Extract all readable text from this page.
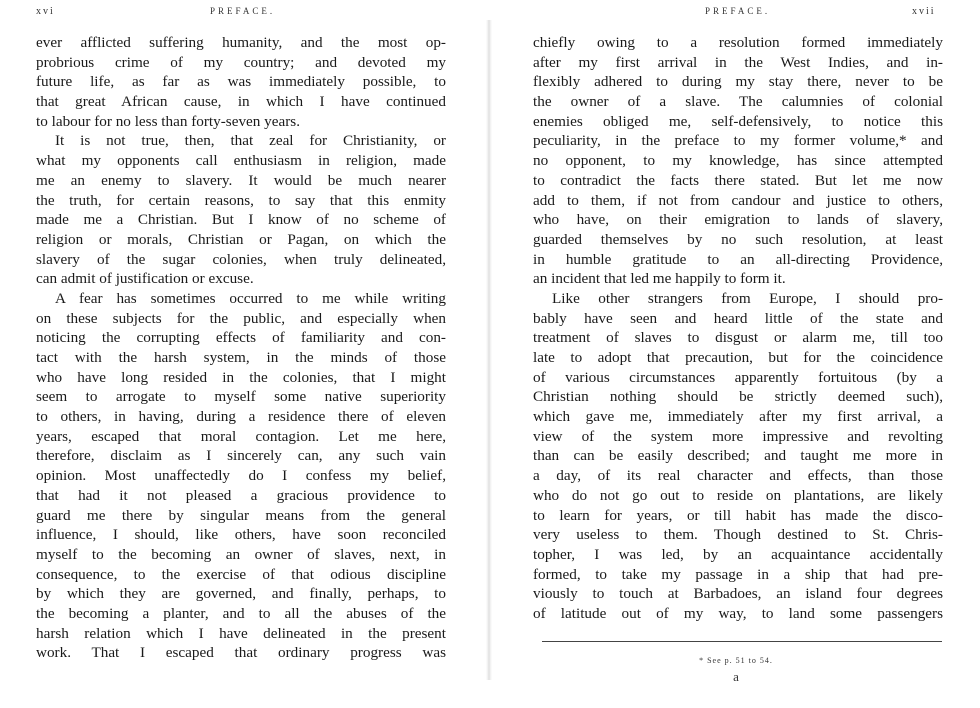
xvi	PREFACE.
ever afflicted suffering humanity, and the most op-
probrious crime of my country; and devoted my
future life, as far as was immediately possible, to
that great African cause, in which I have continued
to labour for no less than forty-seven years.
It is not true, then, that zeal for Christianity, or
what my opponents call enthusiasm in religion, made
me an enemy to slavery. It would be much nearer
the truth, for certain reasons, to say that this enmity
made me a Christian. But I know of no scheme of
religion or morals, Christian or Pagan, on which the
slavery of the sugar colonies, when truly delineated,
can admit of justification or excuse.
A fear has sometimes occurred to me while writing
on these subjects for the public, and especially when
noticing the corrupting effects of familiarity and con-
tact with the harsh system, in the minds of those
who have long resided in the colonies, that I might
seem to arrogate to myself some native superiority
to others, in having, during a residence there of eleven
years, escaped that moral contagion. Let me here,
therefore, disclaim as I sincerely can, any such vain
opinion. Most unaffectedly do I confess my belief,
that had it not pleased a gracious providence to
guard me there by singular means from the general
influence, I should, like others, have soon reconciled
myself to the becoming an owner of slaves, next, in
consequence, to the exercise of that odious discipline
by which they are governed, and finally, perhaps, to
the becoming a planter, and to all the abuses of the
harsh relation which I have delineated in the present
work. That I escaped that ordinary progress was
PREFACE.	xvii
chiefly owing to a resolution formed immediately
after my first arrival in the West Indies, and in-
flexibly adhered to during my stay there, never to be
the owner of a slave. The calumnies of colonial
enemies obliged me, self-defensively, to notice this
peculiarity, in the preface to my former volume,* and
no opponent, to my knowledge, has since attempted
to contradict the facts there stated. But let me now
add to them, if not from candour and justice to others,
who have, on their emigration to lands of slavery,
guarded themselves by no such resolution, at least
in humble gratitude to an all-directing Providence,
an incident that led me happily to form it.
Like other strangers from Europe, I should pro-
bably have seen and heard little of the state and
treatment of slaves to disgust or alarm me, till too
late to adopt that precaution, but for the coincidence
of various circumstances apparently fortuitous (by a
Christian nothing should be strictly deemed such),
which gave me, immediately after my first arrival, a
view of the system more impressive and revolting
than can be easily described; and taught me more in
a day, of its real character and effects, than those
who do not go out to reside on plantations, are likely
to learn for years, or till habit has made the disco-
very useless to them. Though destined to St. Chris-
topher, I was led, by an acquaintance accidentally
formed, to take my passage in a ship that had pre-
viously to touch at Barbadoes, an island four degrees
of latitude out of my way, to land some passengers
* See p. 51 to 54.
a
